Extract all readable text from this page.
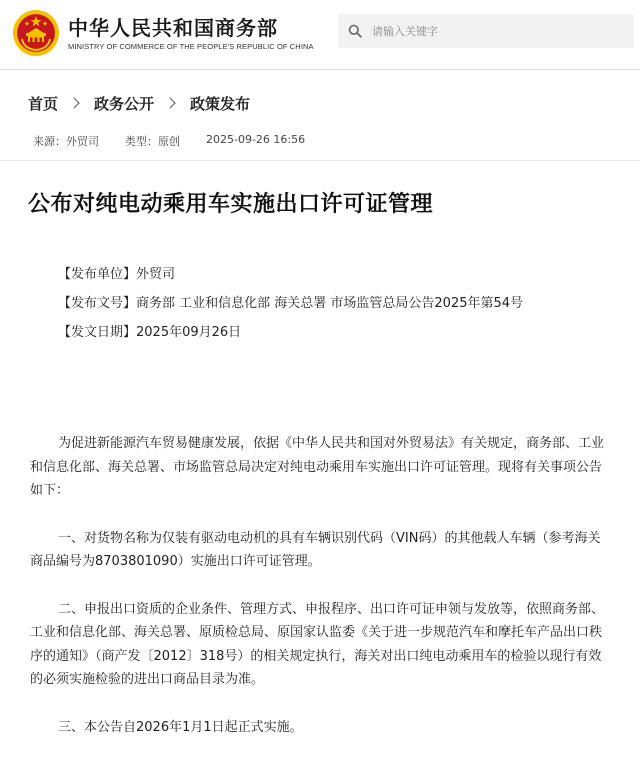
中华人民共和国商务部
MINISTRY OF COMMERCE OF THE PEOPLE'S REPUBLIC OF CHINA
请输入关键字
首页 政务公开 政策发布
来源：外贸司 类型：原创 2025-09-26 16:56
公布对纯电动乘用车实施出口许可证管理
【发布单位】外贸司
【发布文号】商务部 工业和信息化部 海关总署 市场监管总局公告2025年第54号
【发文日期】2025年09月26日

为促进新能源汽车贸易健康发展，依据《中华人民共和国对外贸易法》有关规定，商务部、工业和信息化部、海关总署、市场监管总局决定对纯电动乘用车实施出口许可证管理。现将有关事项公告如下：

一、对货物名称为仅装有驱动电动机的具有车辆识别代码（VIN码）的其他载人车辆（参考海关商品编号为8703801090）实施出口许可证管理。

二、申报出口资质的企业条件、管理方式、申报程序、出口许可证申领与发放等，依照商务部、工业和信息化部、海关总署、原质检总局、原国家认监委《关于进一步规范汽车和摩托车产品出口秩序的通知》（商产发〔2012〕318号）的相关规定执行，海关对出口纯电动乘用车的检验以现行有效的必须实施检验的进出口商品目录为准。

三、本公告自2026年1月1日起正式实施。
